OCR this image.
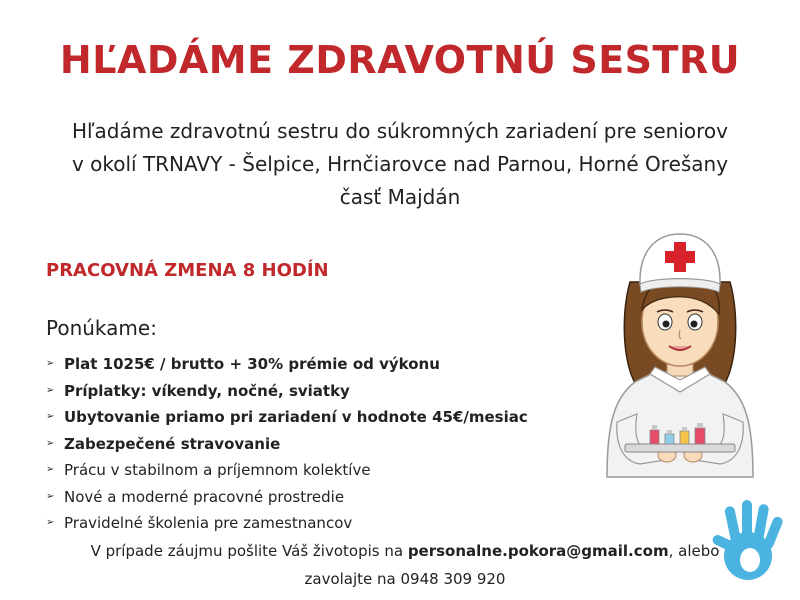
HĽADÁME ZDRAVOTNÚ SESTRU
Hľadáme zdravotnú sestru do súkromných zariadení pre seniorov
v okolí TRNAVY - Šelpice, Hrnčiarovce nad Parnou, Horné Orešany
časť Majdán
PRACOVNÁ ZMENA 8 HODÍN
Ponúkame:
➢ Plat 1025€ / brutto + 30% prémie od výkonu
➢ Príplatky: víkendy, nočné, sviatky
➢ Ubytovanie priamo pri zariadení v hodnote 45€/mesiac
➢ Zabezpečené stravovanie
➢ Prácu v stabilnom a príjemnom kolektíve
➢ Nové a moderné pracovné prostredie
➢ Pravidelné školenia pre zamestnancov
V prípade záujmu pošlite Váš životopis na personalne.pokora@gmail.com, alebo
zavolajte na 0948 309 920
